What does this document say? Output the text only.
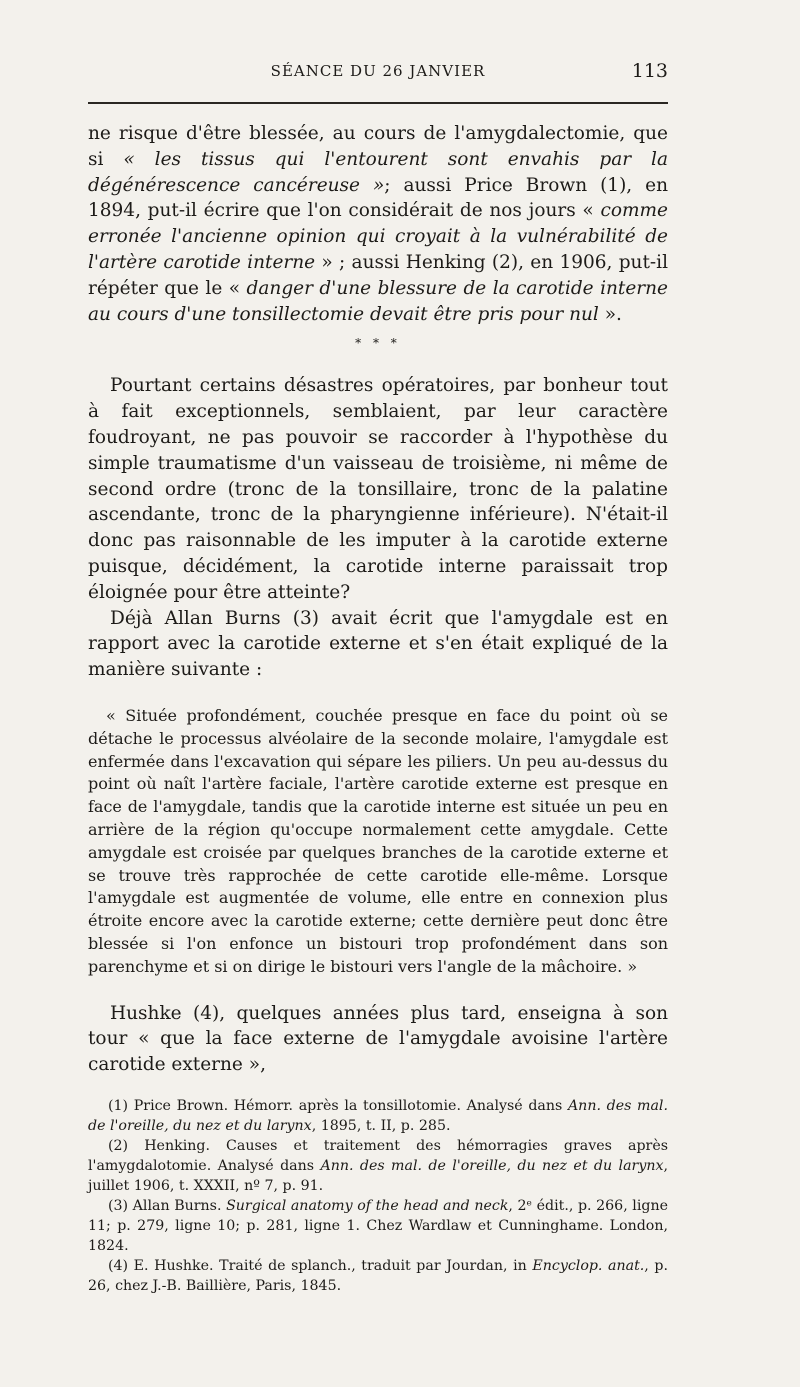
SÉANCE DU 26 JANVIER	113

ne risque d'être blessée, au cours de l'amygdalectomie, que si « les tissus qui l'entourent sont envahis par la dégénérescence cancéreuse »; aussi Price Brown (1), en 1894, put-il écrire que l'on considérait de nos jours « comme erronée l'ancienne opinion qui croyait à la vulnérabilité de l'artère carotide interne » ; aussi Henking (2), en 1906, put-il répéter que le « danger d'une blessure de la carotide interne au cours d'une tonsillectomie devait être pris pour nul ».

* * *

Pourtant certains désastres opératoires, par bonheur tout à fait exceptionnels, semblaient, par leur caractère foudroyant, ne pas pouvoir se raccorder à l'hypothèse du simple traumatisme d'un vaisseau de troisième, ni même de second ordre (tronc de la tonsillaire, tronc de la palatine ascendante, tronc de la pharyngienne inférieure). N'était-il donc pas raisonnable de les imputer à la carotide externe puisque, décidément, la carotide interne paraissait trop éloignée pour être atteinte?

Déjà Allan Burns (3) avait écrit que l'amygdale est en rapport avec la carotide externe et s'en était expliqué de la manière suivante :

« Située profondément, couchée presque en face du point où se détache le processus alvéolaire de la seconde molaire, l'amygdale est enfermée dans l'excavation qui sépare les piliers. Un peu au-dessus du point où naît l'artère faciale, l'artère carotide externe est presque en face de l'amygdale, tandis que la carotide interne est située un peu en arrière de la région qu'occupe normalement cette amygdale. Cette amygdale est croisée par quelques branches de la carotide externe et se trouve très rapprochée de cette carotide elle-même. Lorsque l'amygdale est augmentée de volume, elle entre en connexion plus étroite encore avec la carotide externe; cette dernière peut donc être blessée si l'on enfonce un bistouri trop profondément dans son parenchyme et si on dirige le bistouri vers l'angle de la mâchoire. »

Hushke (4), quelques années plus tard, enseigna à son tour « que la face externe de l'amygdale avoisine l'artère carotide externe »,

(1) Price Brown. Hémorr. après la tonsillotomie. Analysé dans Ann. des mal. de l'oreille, du nez et du larynx, 1895, t. II, p. 285.

(2) Henking. Causes et traitement des hémorragies graves après l'amygdalotomie. Analysé dans Ann. des mal. de l'oreille, du nez et du larynx, juillet 1906, t. XXXII, nº 7, p. 91.

(3) Allan Burns. Surgical anatomy of the head and neck, 2ᵉ édit., p. 266, ligne 11; p. 279, ligne 10; p. 281, ligne 1. Chez Wardlaw et Cunninghame. London, 1824.

(4) E. Hushke. Traité de splanch., traduit par Jourdan, in Encyclop. anat., p. 26, chez J.-B. Baillière, Paris, 1845.
